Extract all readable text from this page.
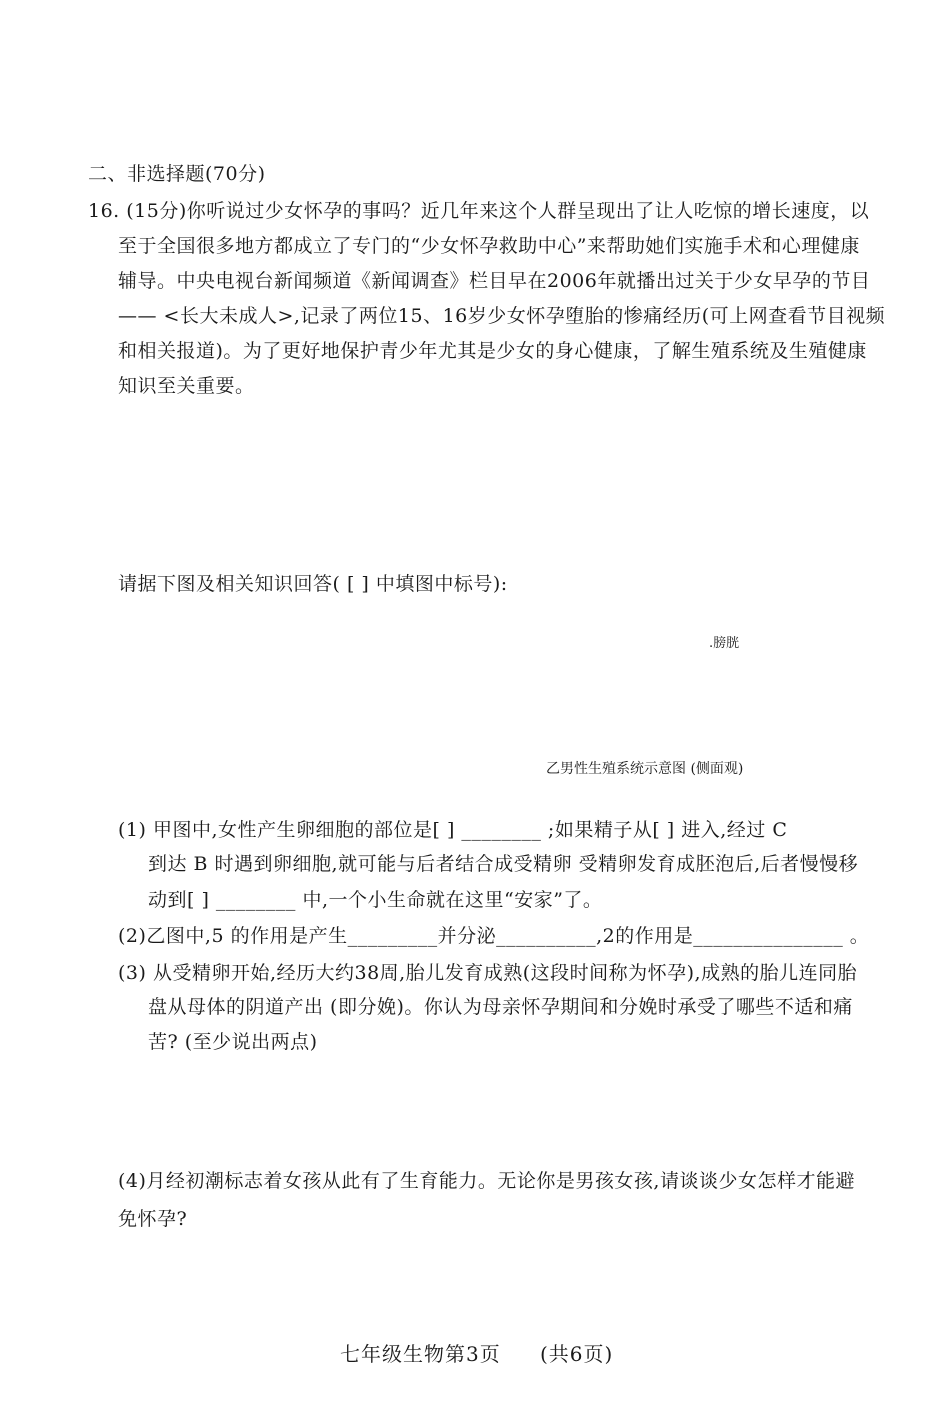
二、非选择题(70分)
16. (15分)你听说过少女怀孕的事吗？近几年来这个人群呈现出了让人吃惊的增长速度，以
至于全国很多地方都成立了专门的“少女怀孕救助中心”来帮助她们实施手术和心理健康
辅导。中央电视台新闻频道《新闻调查》栏目早在2006年就播出过关于少女早孕的节目
—— <长大未成人>,记录了两位15、16岁少女怀孕堕胎的惨痛经历(可上网查看节目视频
和相关报道)。为了更好地保护青少年尤其是少女的身心健康，了解生殖系统及生殖健康
知识至关重要。
请据下图及相关知识回答( [ ] 中填图中标号):
.膀胱
乙男性生殖系统示意图 (侧面观)
(1) 甲图中,女性产生卵细胞的部位是[ ] ________ ;如果精子从[ ] 进入,经过 C
到达 B 时遇到卵细胞,就可能与后者结合成受精卵 受精卵发育成胚泡后,后者慢慢移
动到[ ] ________ 中,一个小生命就在这里“安家”了。
(2)乙图中,5 的作用是产生_________并分泌__________,2的作用是_______________ 。
(3) 从受精卵开始,经历大约38周,胎儿发育成熟(这段时间称为怀孕),成熟的胎儿连同胎
盘从母体的阴道产出 (即分娩)。你认为母亲怀孕期间和分娩时承受了哪些不适和痛
苦? (至少说出两点)
(4)月经初潮标志着女孩从此有了生育能力。无论你是男孩女孩,请谈谈少女怎样才能避
免怀孕?
七年级生物第3页 (共6页)
